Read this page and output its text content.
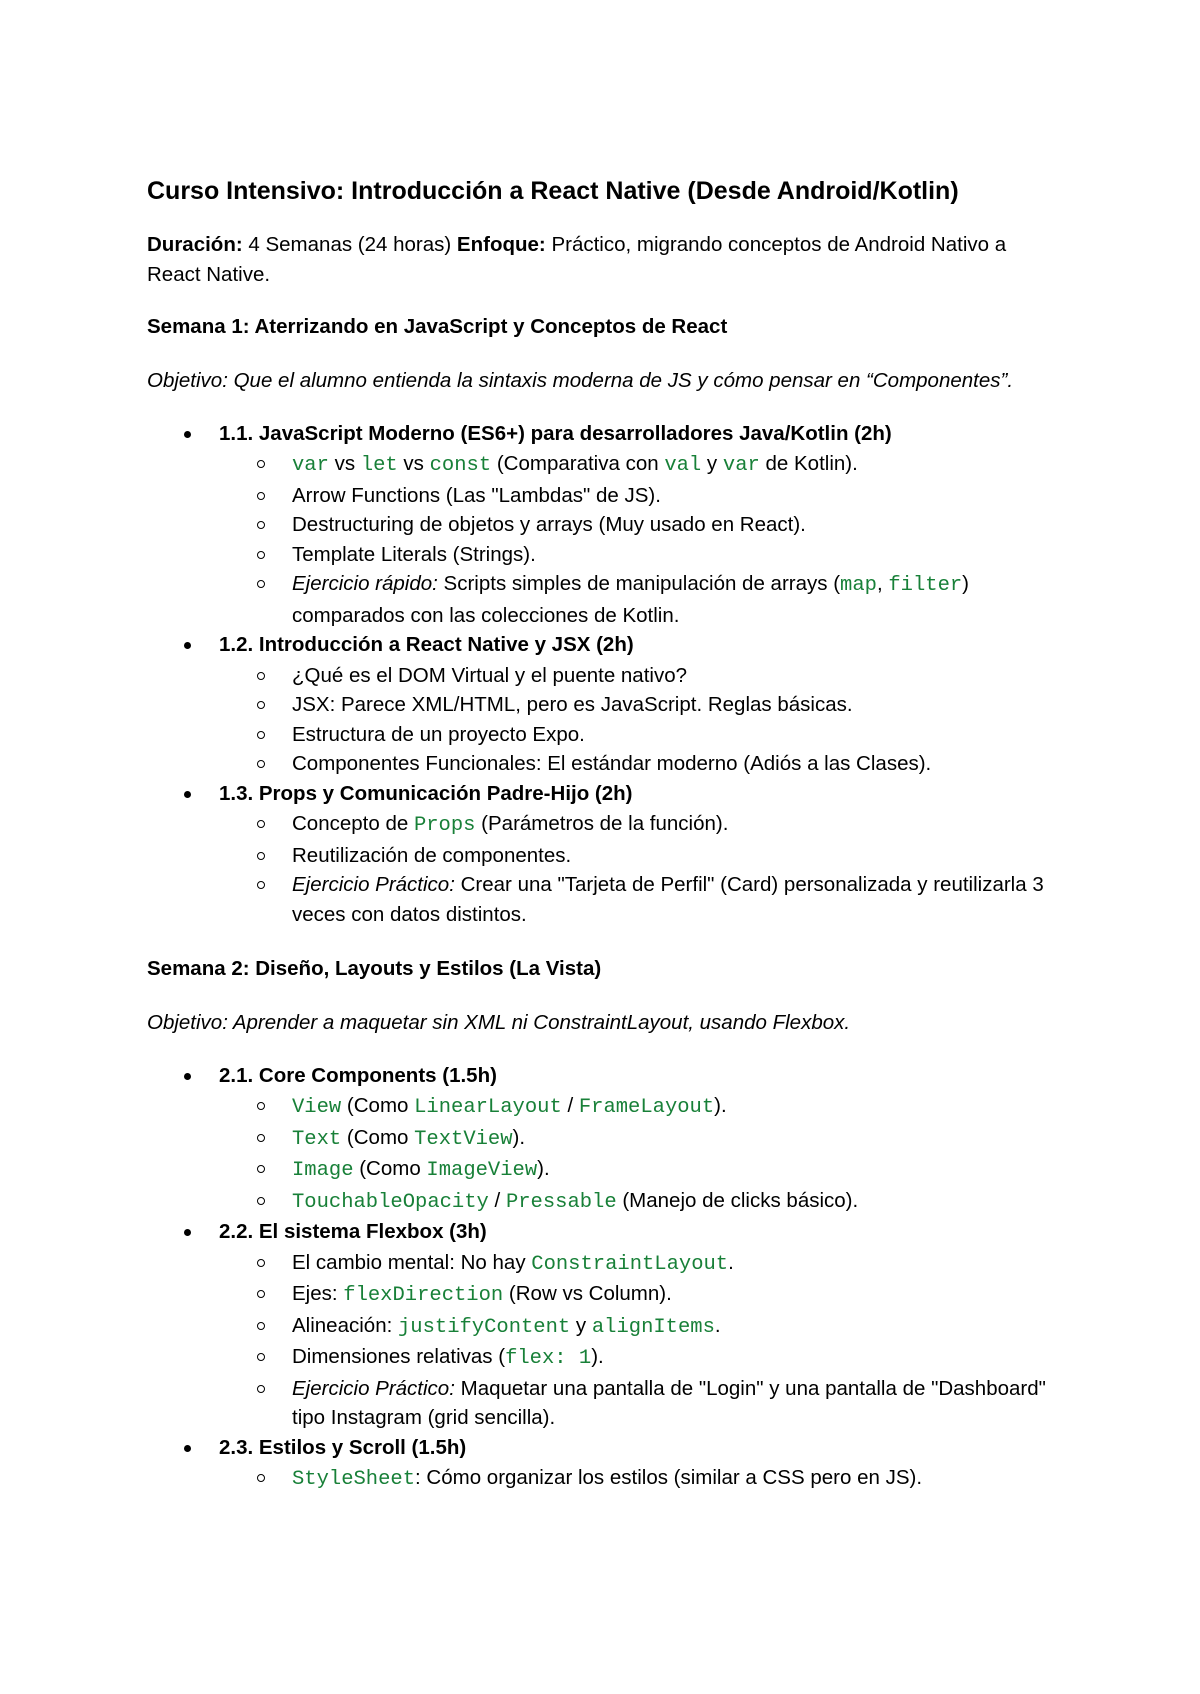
Curso Intensivo: Introducción a React Native (Desde Android/Kotlin)

Duración: 4 Semanas (24 horas) Enfoque: Práctico, migrando conceptos de Android Nativo a React Native.

Semana 1: Aterrizando en JavaScript y Conceptos de React

Objetivo: Que el alumno entienda la sintaxis moderna de JS y cómo pensar en “Componentes”.

1.1. JavaScript Moderno (ES6+) para desarrolladores Java/Kotlin (2h)
var vs let vs const (Comparativa con val y var de Kotlin).
Arrow Functions (Las "Lambdas" de JS).
Destructuring de objetos y arrays (Muy usado en React).
Template Literals (Strings).
Ejercicio rápido: Scripts simples de manipulación de arrays (map, filter) comparados con las colecciones de Kotlin.
1.2. Introducción a React Native y JSX (2h)
¿Qué es el DOM Virtual y el puente nativo?
JSX: Parece XML/HTML, pero es JavaScript. Reglas básicas.
Estructura de un proyecto Expo.
Componentes Funcionales: El estándar moderno (Adiós a las Clases).
1.3. Props y Comunicación Padre-Hijo (2h)
Concepto de Props (Parámetros de la función).
Reutilización de componentes.
Ejercicio Práctico: Crear una "Tarjeta de Perfil" (Card) personalizada y reutilizarla 3 veces con datos distintos.
Semana 2: Diseño, Layouts y Estilos (La Vista)

Objetivo: Aprender a maquetar sin XML ni ConstraintLayout, usando Flexbox.

2.1. Core Components (1.5h)
View (Como LinearLayout / FrameLayout).
Text (Como TextView).
Image (Como ImageView).
TouchableOpacity / Pressable (Manejo de clicks básico).
2.2. El sistema Flexbox (3h)
El cambio mental: No hay ConstraintLayout.
Ejes: flexDirection (Row vs Column).
Alineación: justifyContent y alignItems.
Dimensiones relativas (flex: 1).
Ejercicio Práctico: Maquetar una pantalla de "Login" y una pantalla de "Dashboard" tipo Instagram (grid sencilla).
2.3. Estilos y Scroll (1.5h)
StyleSheet: Cómo organizar los estilos (similar a CSS pero en JS).
